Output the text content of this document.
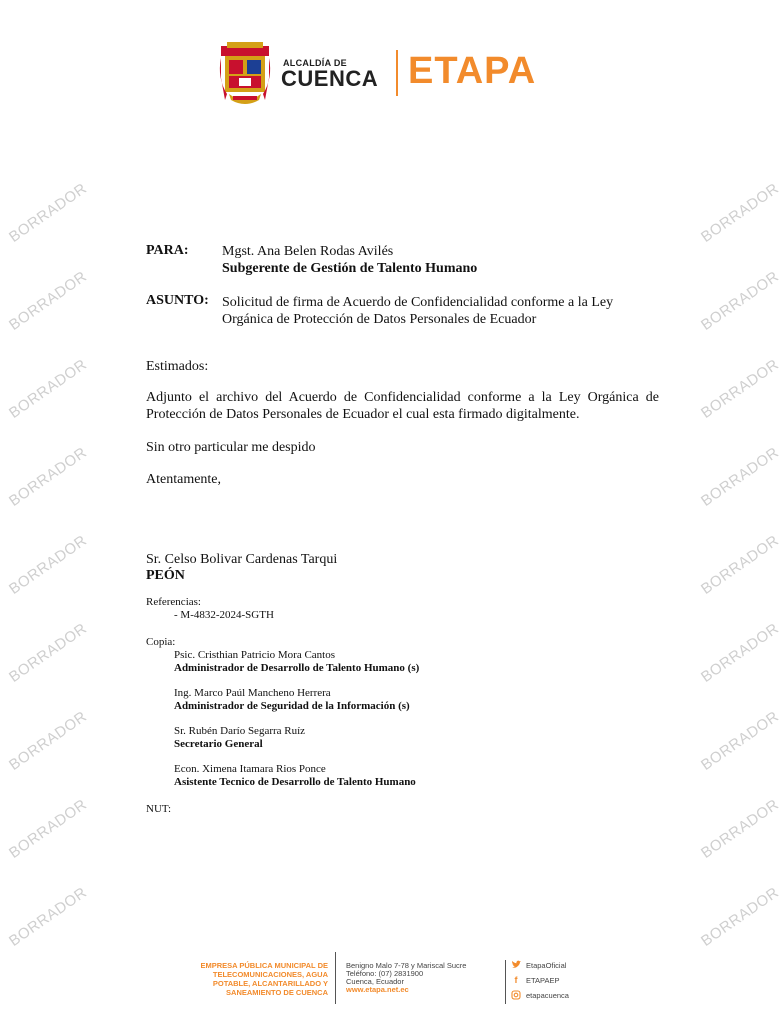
BORRADOR	BORRADOR
BORRADOR	BORRADOR
BORRADOR	BORRADOR
BORRADOR	BORRADOR
BORRADOR	BORRADOR
BORRADOR	BORRADOR
BORRADOR	BORRADOR
BORRADOR	BORRADOR
BORRADOR	BORRADOR
ALCALDÍA DE
CUENCA ETAPA
PARA: Mgst. Ana Belen Rodas Avilés
Subgerente de Gestión de Talento Humano
ASUNTO: Solicitud de firma de Acuerdo de Confidencialidad conforme a la Ley
Orgánica de Protección de Datos Personales de Ecuador
Estimados:
Adjunto el archivo del Acuerdo de Confidencialidad conforme a la Ley Orgánica de Protección de Datos Personales de Ecuador el cual esta firmado digitalmente.
Sin otro particular me despido
Atentamente,
Sr. Celso Bolivar Cardenas Tarqui
PEÓN
Referencias:
- M-4832-2024-SGTH
Copia:
Psic. Cristhian Patricio Mora Cantos
Administrador de Desarrollo de Talento Humano (s)
Ing. Marco Paúl Mancheno Herrera
Administrador de Seguridad de la Información (s)
Sr. Rubén Darío Segarra Ruíz
Secretario General
Econ. Ximena Itamara Rios Ponce
Asistente Tecnico de Desarrollo de Talento Humano
NUT:
EMPRESA PÚBLICA MUNICIPAL DE
TELECOMUNICACIONES, AGUA
POTABLE, ALCANTARILLADO Y
SANEAMIENTO DE CUENCA
Benigno Malo 7-78 y Mariscal Sucre
Teléfono: (07) 2831900
Cuenca, Ecuador
www.etapa.net.ec
EtapaOficial
f	ETAPAEP
etapacuenca
